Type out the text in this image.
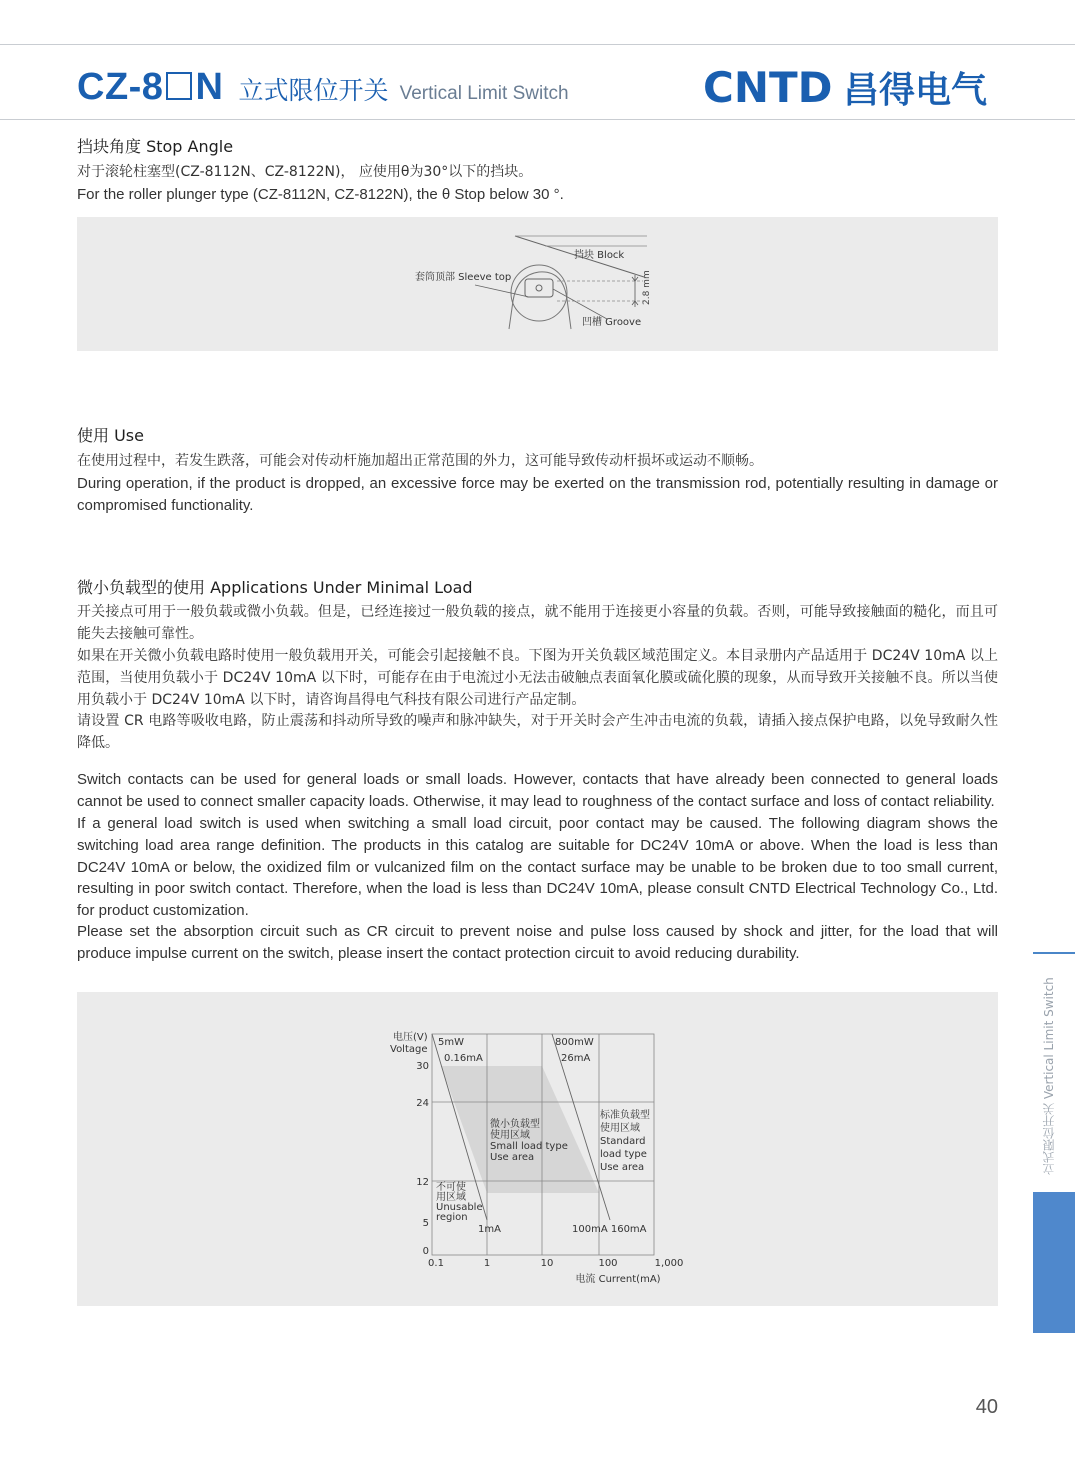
CZ-8 N 立式限位开关 Vertical Limit Switch	CNTD 昌得电气
挡块角度 Stop Angle

对于滚轮柱塞型(CZ-8112N、CZ-8122N)， 应使用θ为30°以下的挡块。

For the roller plunger type (CZ-8112N, CZ-8122N), the θ Stop below 30 °.

2.8 mm
挡块 Block
套筒顶部 Sleeve top
凹槽 Groove
使用 Use

在使用过程中，若发生跌落，可能会对传动杆施加超出正常范围的外力，这可能导致传动杆损坏或运动不顺畅。

During operation, if the product is dropped, an excessive force may be exerted on the transmission rod, potentially resulting in damage or compromised functionality.

微小负载型的使用 Applications Under Minimal Load

开关接点可用于一般负载或微小负载。但是，已经连接过一般负载的接点，就不能用于连接更小容量的负载。否则，可能导致接触面的糙化，而且可能失去接触可靠性。

如果在开关微小负载电路时使用一般负载用开关，可能会引起接触不良。下图为开关负载区域范围定义。本目录册内产品适用于 DC24V 10mA 以上范围，当使用负载小于 DC24V 10mA 以下时，可能存在由于电流过小无法击破触点表面氧化膜或硫化膜的现象，从而导致开关接触不良。所以当使用负载小于 DC24V 10mA 以下时，请咨询昌得电气科技有限公司进行产品定制。

请设置 CR 电路等吸收电路，防止震荡和抖动所导致的噪声和脉冲缺失，对于开关时会产生冲击电流的负载，请插入接点保护电路，以免导致耐久性降低。

Switch contacts can be used for general loads or small loads. However, contacts that have already been connected to general loads cannot be used to connect smaller capacity loads. Otherwise, it may lead to roughness of the contact surface and loss of contact reliability.

If a general load switch is used when switching a small load circuit, poor contact may be caused. The following diagram shows the switching load area range definition. The products in this catalog are suitable for DC24V 10mA or above. When the load is less than DC24V 10mA or below, the oxidized film or vulcanized film on the contact surface may be unable to be broken due to too small current, resulting in poor switch contact. Therefore, when the load is less than DC24V 10mA, please consult CNTD Electrical Technology Co., Ltd. for product customization.

Please set the absorption circuit such as CR circuit to prevent noise and pulse loss caused by shock and jitter, for the load that will produce impulse current on the switch, please insert the contact protection circuit to avoid reducing durability.

电压(V)
Voltage
30
24
12
5
0
0.1	1	10	100	1,000
电流 Current(mA)
5mW
0.16mA
800mW
26mA
1mA	100mA 160mA
微小负载型
使用区域
Small load type
Use area
标准负载型
使用区域
Standard
load type
Use area
不可使
用区域
Unusable
region
立式限位开关 Vertical Limit Switch
40
